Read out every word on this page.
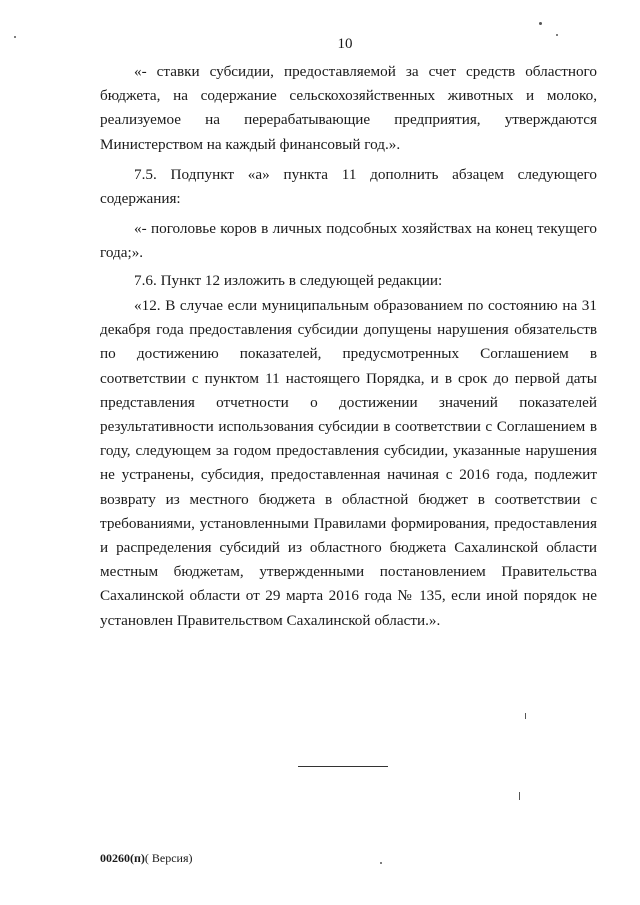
10

«- ставки субсидии, предоставляемой за счет средств областного бюджета, на содержание сельскохозяйственных животных и молоко, реализуемое на перерабатывающие предприятия, утверждаются Министерством на каждый финансовый год.».

7.5. Подпункт «а» пункта 11 дополнить абзацем следующего содержания:

«- поголовье коров в личных подсобных хозяйствах на конец текущего года;».

7.6. Пункт 12 изложить в следующей редакции:

«12. В случае если муниципальным образованием по состоянию на 31 декабря года предоставления субсидии допущены нарушения обязательств по достижению показателей, предусмотренных Соглашением в соответствии с пунктом 11 настоящего Порядка, и в срок до первой даты представления отчетности о достижении значений показателей результативности использования субсидии в соответствии с Соглашением в году, следующем за годом предоставления субсидии, указанные нарушения не устранены, субсидия, предоставленная начиная с 2016 года, подлежит возврату из местного бюджета в областной бюджет в соответствии с требованиями, установленными Правилами формирования, предоставления и распределения субсидий из областного бюджета Сахалинской области местным бюджетам, утвержденными постановлением Правительства Сахалинской области от 29 марта 2016 года № 135, если иной порядок не установлен Правительством Сахалинской области.».

00260(п)( Версия)
